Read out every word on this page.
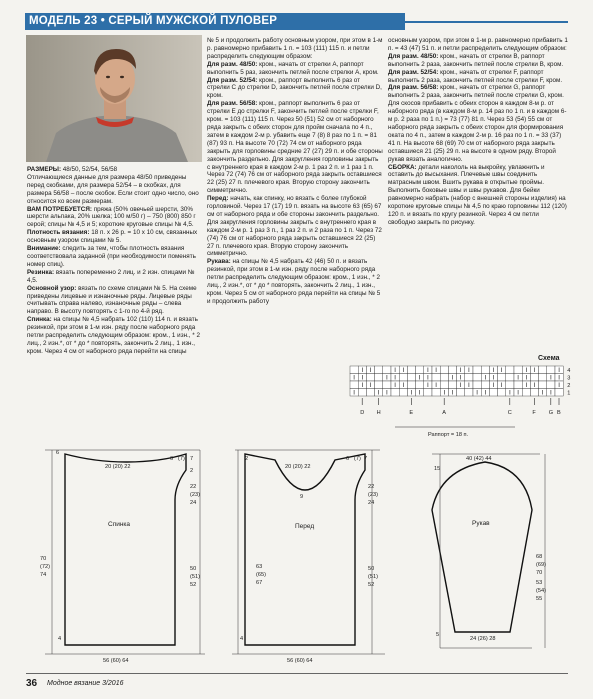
МОДЕЛЬ 23 • СЕРЫЙ МУЖСКОЙ ПУЛОВЕР
РАЗМЕРЫ: 48/50, 52/54, 56/58
Отличающиеся данные для размера 48/50 приведены перед скобками, для размера 52/54 – в скобках, для размера 56/58 – после скобок. Если стоит одно число, оно относится ко всем размерам.
ВАМ ПОТРЕБУЕТСЯ: пряжа (50% овечьей шерсти, 30% шерсти альпака, 20% шелка; 100 м/50 г) – 750 (800) 850 г серой; спицы № 4,5 и 5; короткие круговые спицы № 4,5.
Плотность вязания: 18 п. х 26 р. = 10 х 10 см, связанных основным узором спицами № 5.
Внимание: следить за тем, чтобы плотность вязания соответствовала заданной (при необходимости поменять номер спиц).
Резинка: вязать попеременно 2 лиц. и 2 изн. спицами № 4,5.
Основной узор: вязать по схеме спицами № 5. На схеме приведены лицевые и изнаночные ряды. Лицевые ряды считывать справа налево, изнаночные ряды – слева направо. В высоту повторять с 1-го по 4-й ряд.
Спинка: на спицы № 4,5 набрать 102 (110) 114 п. и вязать резинкой, при этом в 1-м изн. ряду после наборного ряда петли распределить следующим образом: кром., 1 изн., * 2 лиц., 2 изн.*, от * до * повторять, закончить 2 лиц., 1 изн., кром. Через 4 см от наборного ряда перейти на спицы
№ 5 и продолжить работу основным узором, при этом в 1-м р. равномерно прибавить 1 п. = 103 (111) 115 п. и петли распределить следующим образом:
Для разм. 48/50: кром., начать от стрелки A, раппорт выполнить 5 раз, закончить петлей после стрелки A, кром.
Для разм. 52/54: кром., раппорт выполнить 6 раз от стрелки C до стрелки D, закончить петлей после стрелки D, кром.
Для разм. 56/58: кром., раппорт выполнить 6 раз от стрелки E до стрелки F, закончить петлей после стрелки F, кром. = 103 (111) 115 п. Через 50 (51) 52 см от наборного ряда закрыть с обеих сторон для пройм сначала по 4 п., затем в каждом 2-м р. убавить еще 7 (8) 8 раз по 1 п. = 81 (87) 93 п. На высоте 70 (72) 74 см от наборного ряда закрыть для горловины средние 27 (27) 29 п. и обе стороны закончить раздельно. Для закругления горловины закрыть с внутреннего края в каждом 2-м р. 1 раз 2 п. и 1 раз 1 п. Через 72 (74) 76 см от наборного ряда закрыть оставшиеся 22 (25) 27 п. плечевого края. Вторую сторону закончить симметрично.
Перед: начать, как спинку, но вязать с более глубокой горловиной. Через 17 (17) 19 п. вязать на высоте 63 (65) 67 см от наборного ряда и обе стороны закончить раздельно. Для закругления горловины закрыть с внутреннего края в каждом 2-м р. 1 раз 3 п., 1 раз 2 п. и 2 раза по 1 п. Через 72 (74) 76 см от наборного ряда закрыть оставшиеся 22 (25) 27 п. плечевого края. Вторую сторону закончить симметрично.
Рукава: на спицы № 4,5 набрать 42 (46) 50 п. и вязать резинкой, при этом в 1-м изн. ряду после наборного ряда петли распределить следующим образом: кром., 1 изн., * 2 лиц., 2 изн.*, от * до * повторять, закончить 2 лиц., 1 изн., кром. Через 5 см от наборного ряда перейти на спицы № 5 и продолжить работу
основным узором, при этом в 1-м р. равномерно прибавить 1 п. = 43 (47) 51 п. и петли распределить следующим образом:
Для разм. 48/50: кром., начать от стрелки B, раппорт выполнить 2 раза, закончить петлей после стрелки B, кром.
Для разм. 52/54: кром., начать от стрелки F, раппорт выполнить 2 раза, закончить петлей после стрелки F, кром.
Для разм. 56/58: кром., начать от стрелки G, раппорт выполнить 2 раза, закончить петлей после стрелки G, кром. Для скосов прибавить с обеих сторон в каждом 8-м р. от наборного ряда (в каждом 8-м р. 14 раз по 1 п. и в каждом 6-м р. 2 раза по 1 п.) = 73 (77) 81 п. Через 53 (54) 55 см от наборного ряда закрыть с обеих сторон для формирования оката по 4 п., затем в каждом 2-м р. 16 раз по 1 п. = 33 (37) 41 п. На высоте 68 (69) 70 см от наборного ряда закрыть оставшиеся 21 (25) 29 п. на высоте в одном ряду. Второй рукав вязать аналогично.
СБОРКА: детали накололь на выкройку, увлажнить и оставить до высыхания. Плечевые швы соединить матрасным швом. Вшить рукава в открытые проймы. Выполнить боковые швы и швы рукавов. Для бейки равномерно набрать (набор с внешней стороны изделия) на короткие круговые спицы № 4,5 по краю горловины 112 (120) 120 п. и вязать по кругу резинкой. Через 4 см петли свободно закрыть по рисунку.
Схема
4
3
2
1
D H	E	A	C	F G B
Раппорт = 18 п.
Спинка
20 (20) 22
6 (7) 7
6
70
(72)
74
22
(23)
24
50
(51)
52
2
56 (60) 64
4
Перед
20 (20) 22
6 (7) 7
2
63
(65)
67
9
22
(23)
24
50
(51)
52
56 (60) 64
4
Рукав
40 (42) 44
15
68
(69)
70
53
(54)
55
24 (26) 28
5
36 Модное вязание 3/2016
